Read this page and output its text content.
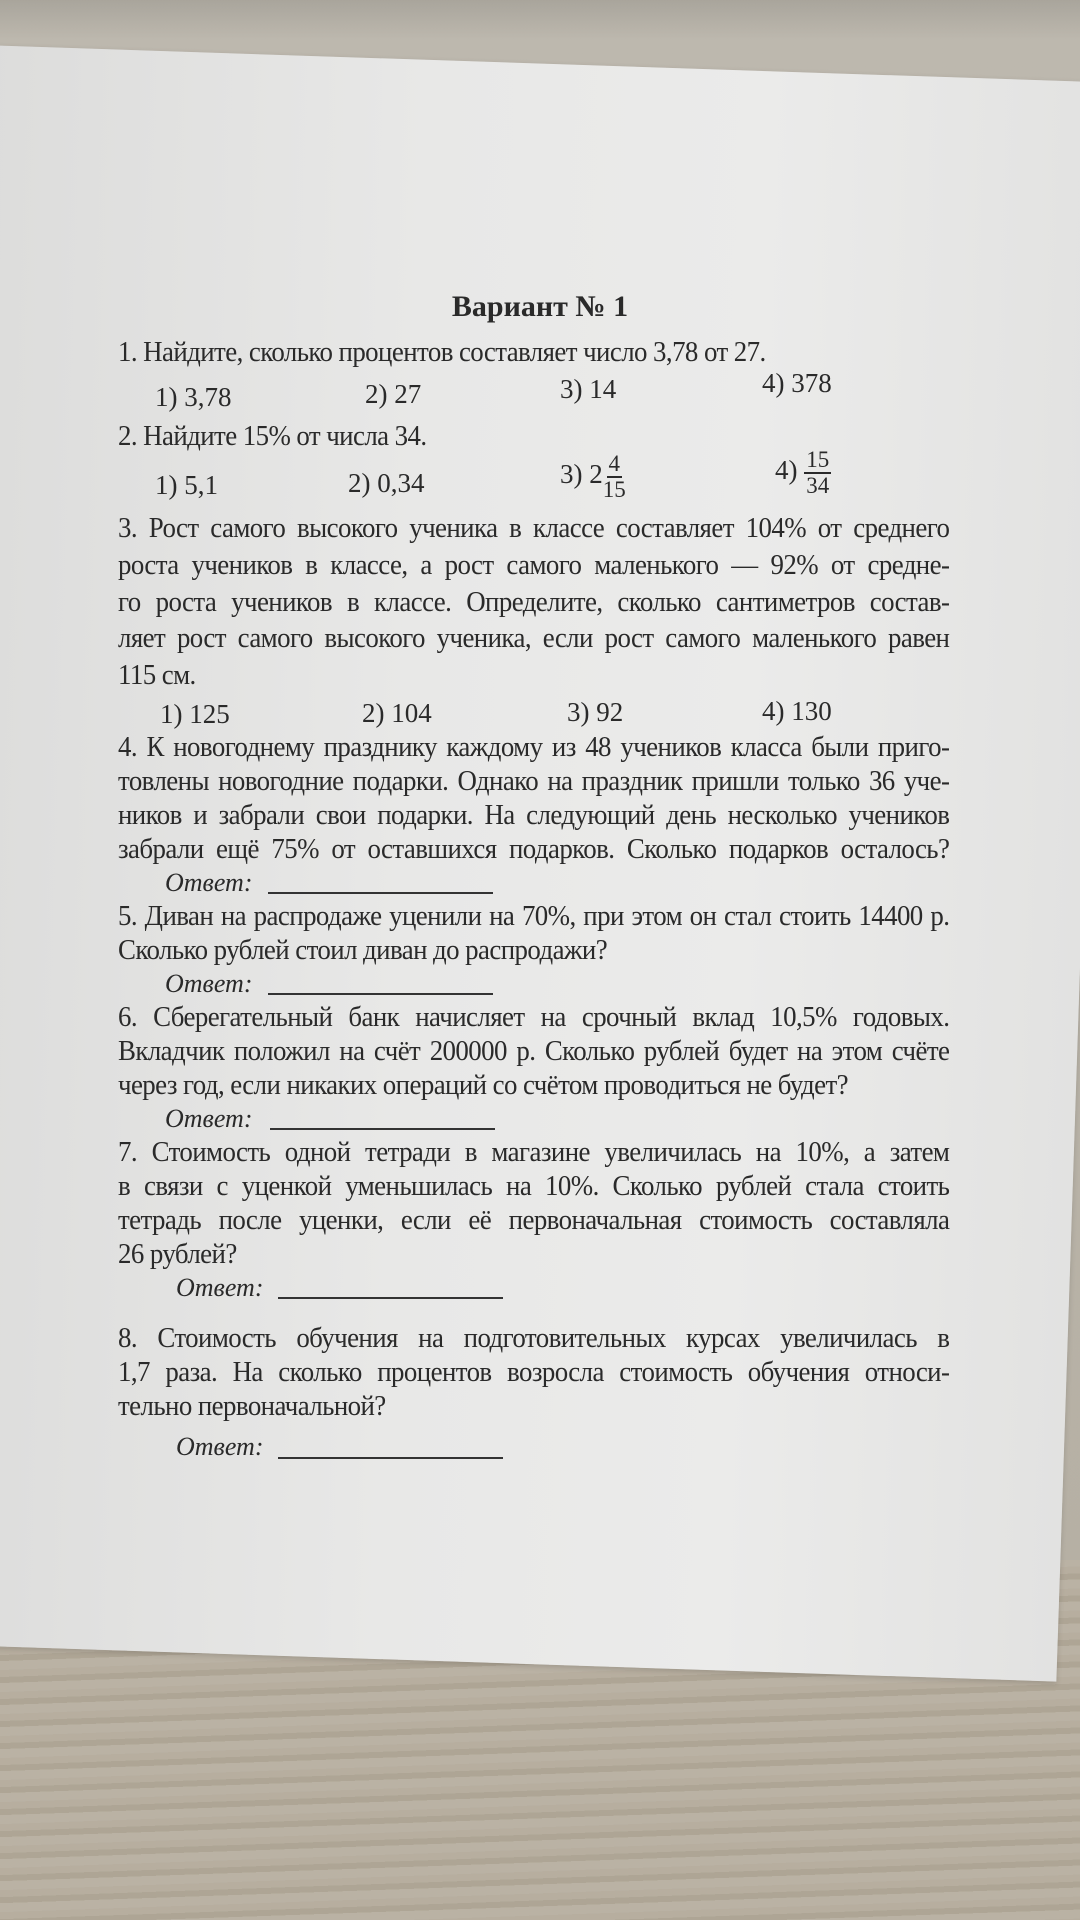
Вариант № 1
1. Найдите, сколько процентов составляет число 3,78 от 27.
1) 3,78	2) 27	3) 14	4) 378
2. Найдите 15% от числа 34.
1) 5,1	2) 0,34	3) $2 \frac{4}{15}$	$4) \frac{15}{34}$
3. Рост самого высокого ученика в классе составляет 104% от среднего
роста учеников в классе, а рост самого маленького — 92% от средне-
го роста учеников в классе. Определите, сколько сантиметров состав-
ляет рост самого высокого ученика, если рост самого маленького равен
115 см.
1) 125	2) 104	3) 92	4) 130
4. К новогоднему празднику каждому из 48 учеников класса были приго-
товлены новогодние подарки. Однако на праздник пришли только 36 уче-
ников и забрали свои подарки. На следующий день несколько учеников
забрали ещё 75% от оставшихся подарков. Сколько подарков осталось?
Ответ:
5. Диван на распродаже уценили на 70%, при этом он стал стоить 14400 р.
Сколько рублей стоил диван до распродажи?
Ответ:
6. Сберегательный банк начисляет на срочный вклад 10,5% годовых.
Вкладчик положил на счёт 200000 р. Сколько рублей будет на этом счёте
через год, если никаких операций со счётом проводиться не будет?
Ответ:
7. Стоимость одной тетради в магазине увеличилась на 10%, а затем
в связи с уценкой уменьшилась на 10%. Сколько рублей стала стоить
тетрадь после уценки, если её первоначальная стоимость составляла
26 рублей?
Ответ:
8. Стоимость обучения на подготовительных курсах увеличилась в
1,7 раза. На сколько процентов возросла стоимость обучения относи-
тельно первоначальной?
Ответ:
